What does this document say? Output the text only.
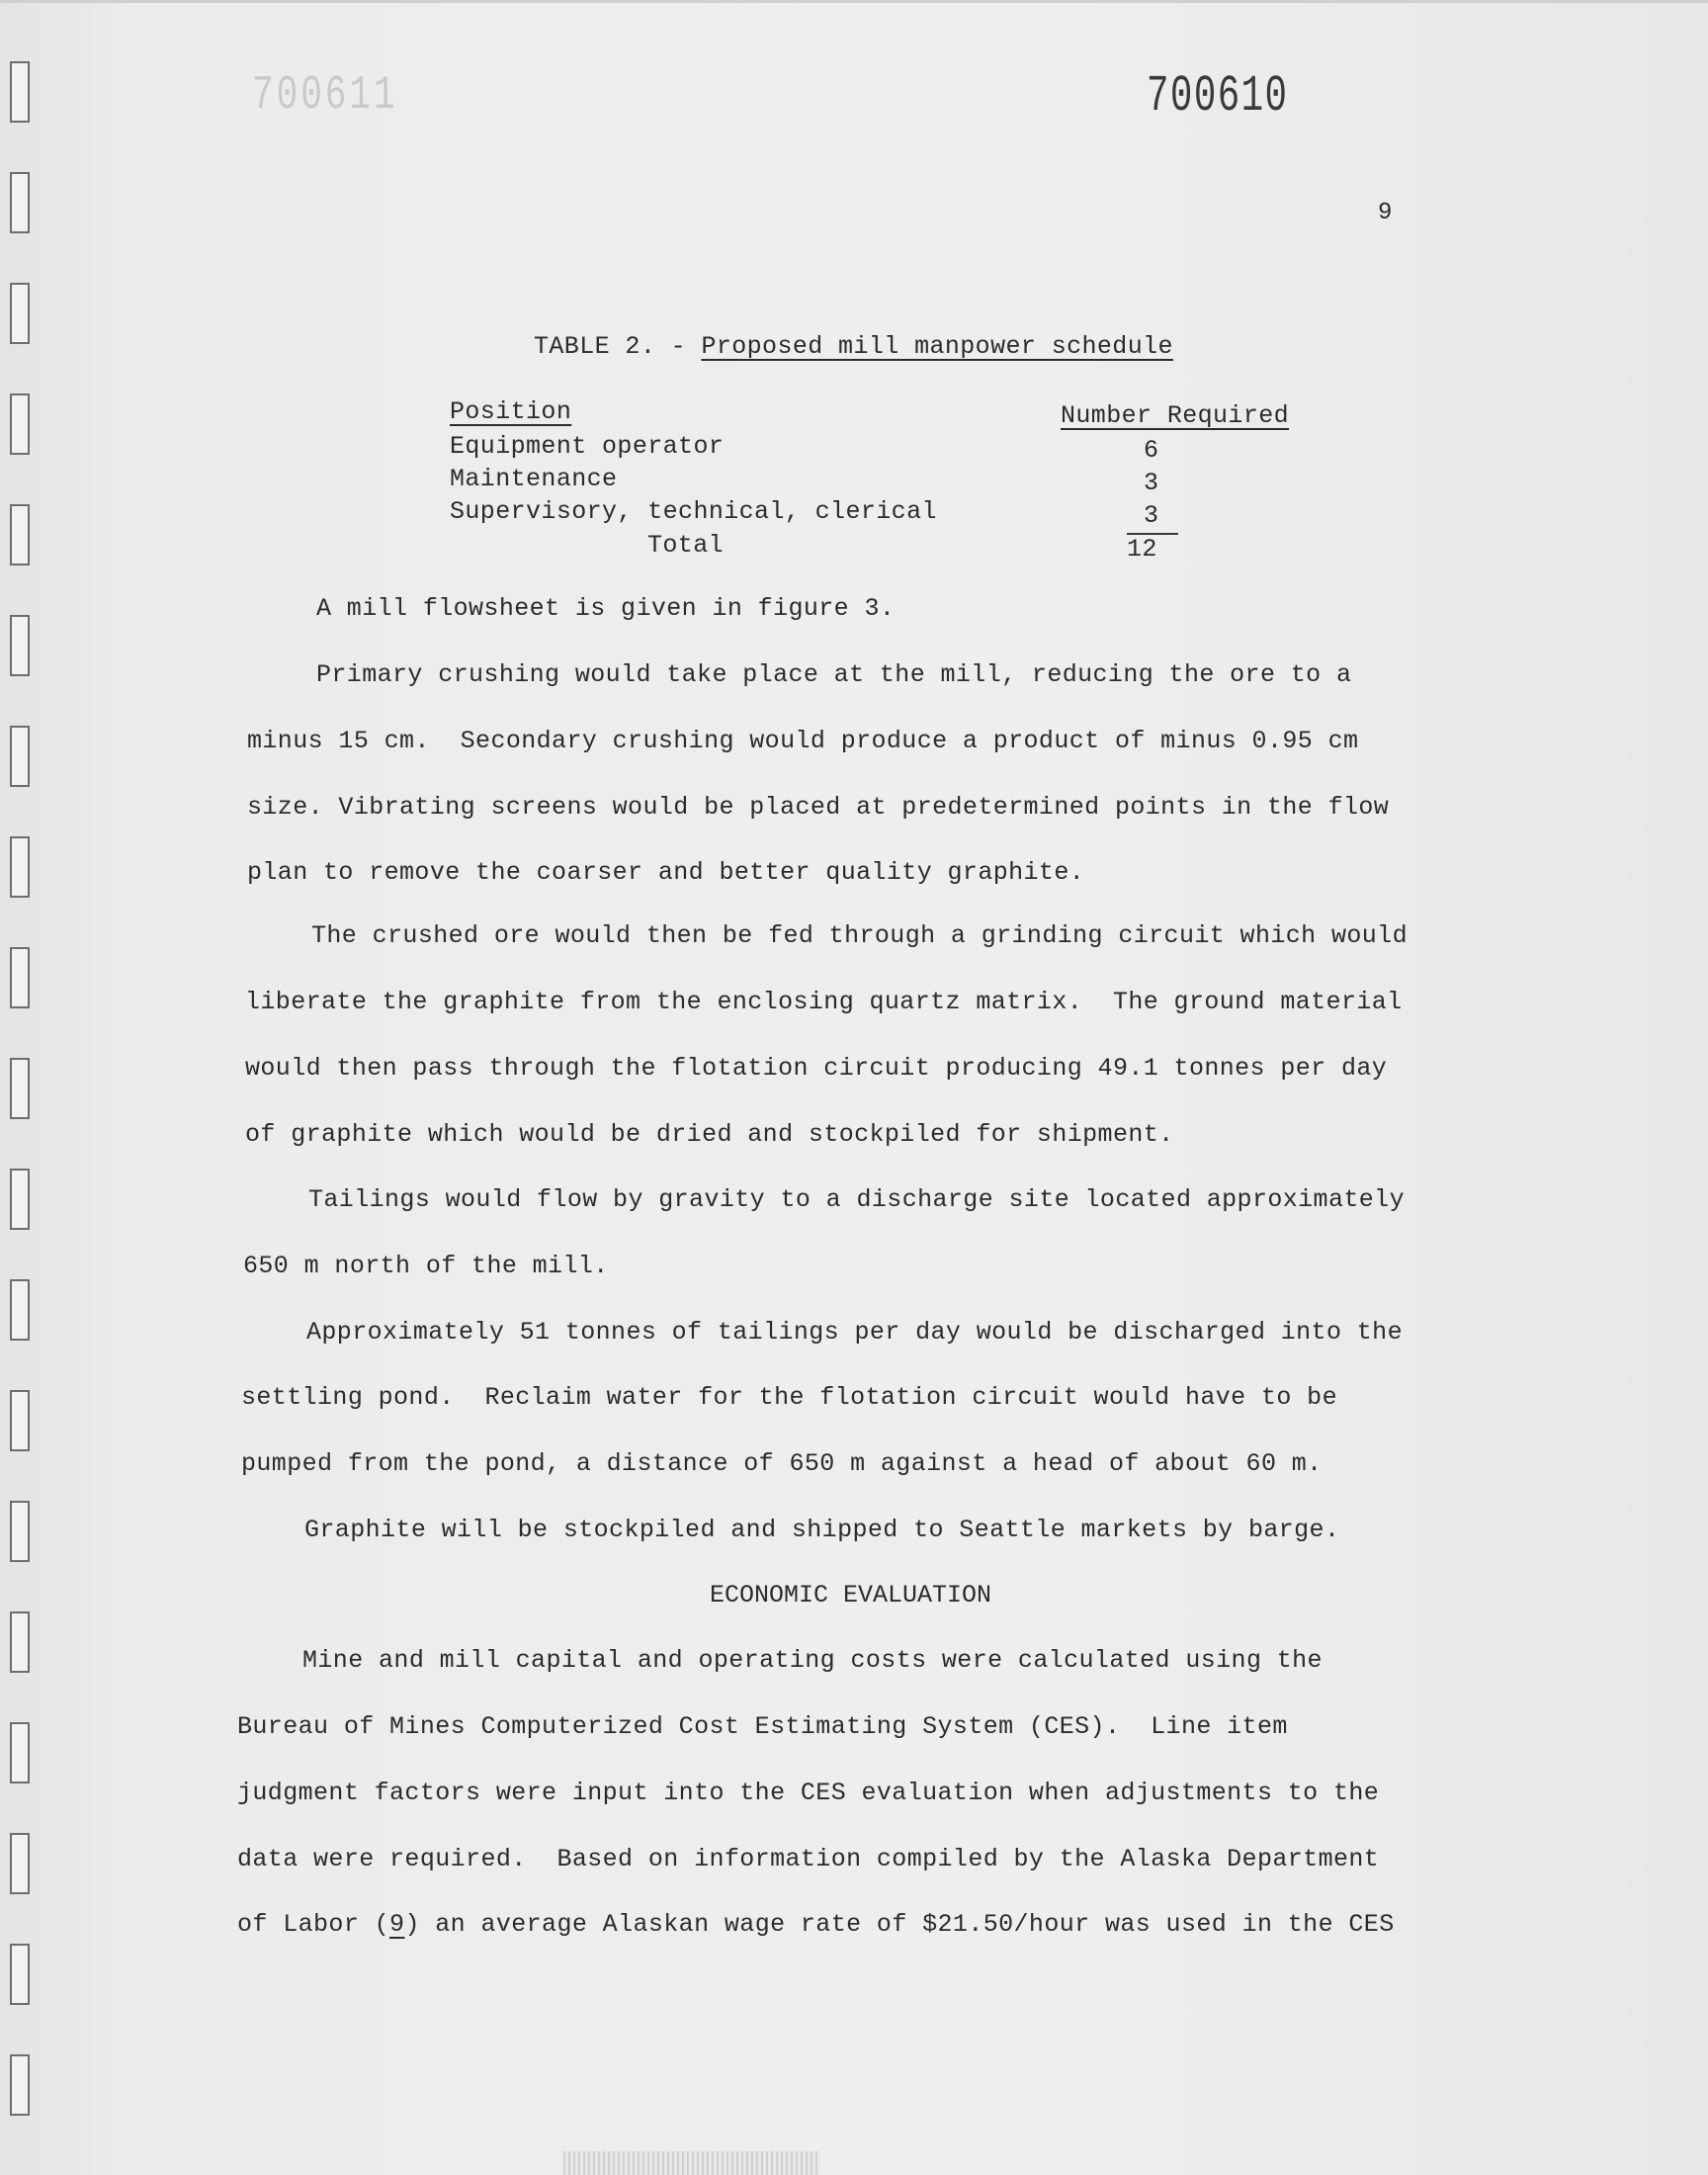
700611	700610
9
TABLE 2. - Proposed mill manpower schedule
Position	Number Required
Equipment operator	6
Maintenance	3
Supervisory, technical, clerical	3
Total	12
A mill flowsheet is given in figure 3.
Primary crushing would take place at the mill, reducing the ore to a
minus 15 cm.  Secondary crushing would produce a product of minus 0.95 cm
size. Vibrating screens would be placed at predetermined points in the flow
plan to remove the coarser and better quality graphite.
The crushed ore would then be fed through a grinding circuit which would
liberate the graphite from the enclosing quartz matrix.  The ground material
would then pass through the flotation circuit producing 49.1 tonnes per day
of graphite which would be dried and stockpiled for shipment.
Tailings would flow by gravity to a discharge site located approximately
650 m north of the mill.
Approximately 51 tonnes of tailings per day would be discharged into the
settling pond.  Reclaim water for the flotation circuit would have to be
pumped from the pond, a distance of 650 m against a head of about 60 m.
Graphite will be stockpiled and shipped to Seattle markets by barge.
ECONOMIC EVALUATION
Mine and mill capital and operating costs were calculated using the
Bureau of Mines Computerized Cost Estimating System (CES).  Line item
judgment factors were input into the CES evaluation when adjustments to the
data were required.  Based on information compiled by the Alaska Department
of Labor (9) an average Alaskan wage rate of $21.50/hour was used in the CES
